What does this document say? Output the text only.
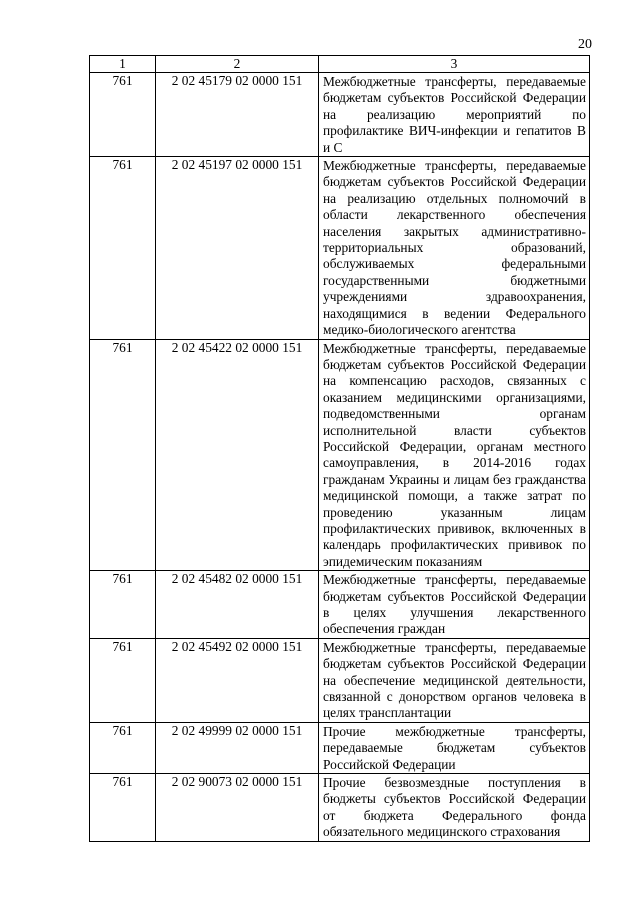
20
1	2	3
761	2 02 45179 02 0000 151	Межбюджетные трансферты, передаваемые бюджетам субъектов Российской Федерации на реализацию мероприятий по профилактике ВИЧ-инфекции и гепатитов В и С
761	2 02 45197 02 0000 151	Межбюджетные трансферты, передаваемые бюджетам субъектов Российской Федерации на реализацию отдельных полномочий в области лекарственного обеспечения населения закрытых административно-территориальных образований, обслуживаемых федеральными государственными бюджетными учреждениями здравоохранения, находящимися в ведении Федерального медико-биологического агентства
761	2 02 45422 02 0000 151	Межбюджетные трансферты, передаваемые бюджетам субъектов Российской Федерации на компенсацию расходов, связанных с оказанием медицинскими организациями, подведомственными органам исполнительной власти субъектов Российской Федерации, органам местного самоуправления, в 2014-2016 годах гражданам Украины и лицам без гражданства медицинской помощи, а также затрат по проведению указанным лицам профилактических прививок, включенных в календарь профилактических прививок по эпидемическим показаниям
761	2 02 45482 02 0000 151	Межбюджетные трансферты, передаваемые бюджетам субъектов Российской Федерации в целях улучшения лекарственного обеспечения граждан
761	2 02 45492 02 0000 151	Межбюджетные трансферты, передаваемые бюджетам субъектов Российской Федерации на обеспечение медицинской деятельности, связанной с донорством органов человека в целях трансплантации
761	2 02 49999 02 0000 151	Прочие межбюджетные трансферты, передаваемые бюджетам субъектов Российской Федерации
761	2 02 90073 02 0000 151	Прочие безвозмездные поступления в бюджеты субъектов Российской Федерации от бюджета Федерального фонда обязательного медицинского страхования
